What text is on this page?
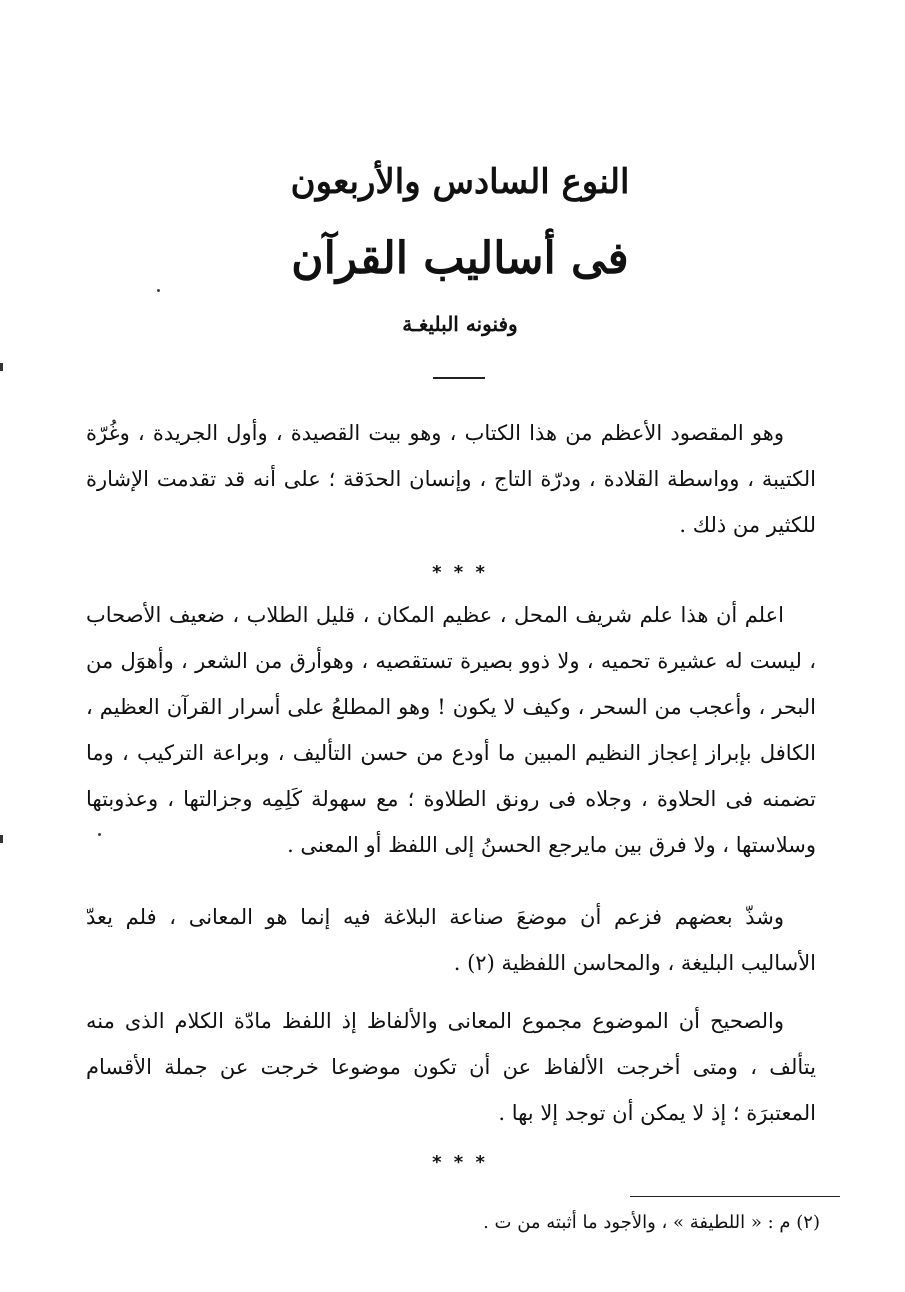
النوع السادس والأربعون
فى أساليب القرآن
وفنونه البليغـة

وهو المقصود الأعظم من هذا الكتاب ، وهو بيت القصيدة ، وأول الجريدة ، وغُرّة الكتيبة ، وواسطة القلادة ، ودرّة التاج ، وإنسان الحدَقة ؛ على أنه قد تقدمت الإشارة للكثير من ذلك .

* * *

اعلم أن هذا علم شريف المحل ، عظيم المكان ، قليل الطلاب ، ضعيف الأصحاب ، ليست له عشيرة تحميه ، ولا ذوو بصيرة تستقصيه ، وهوأرق من الشعر ، وأهوَل من البحر ، وأعجب من السحر ، وكيف لا يكون ! وهو المطلعُ على أسرار القرآن العظيم ، الكافل بإبراز إعجاز النظيم المبين ما أودع من حسن التأليف ، وبراعة التركيب ، وما تضمنه فى الحلاوة ، وجلاه فى رونق الطلاوة ؛ مع سهولة كَلِمِه وجزالتها ، وعذوبتها وسلاستها ، ولا فرق بين مايرجع الحسنُ إلى اللفظ أو المعنى .

وشذّ بعضهم فزعم أن موضعَ صناعة البلاغة فيه إنما هو المعانى ، فلم يعدّ الأساليب البليغة ، والمحاسن اللفظية (٢) .

والصحيح أن الموضوع مجموع المعانى والألفاظ إذ اللفظ مادّة الكلام الذى منه يتألف ، ومتى أخرجت الألفاظ عن أن تكون موضوعا خرجت عن جملة الأقسام المعتبرَة ؛ إذ لا يمكن أن توجد إلا بها .

* * *
(٢) م : « اللطيفة » ، والأجود ما أثبته من ت .
